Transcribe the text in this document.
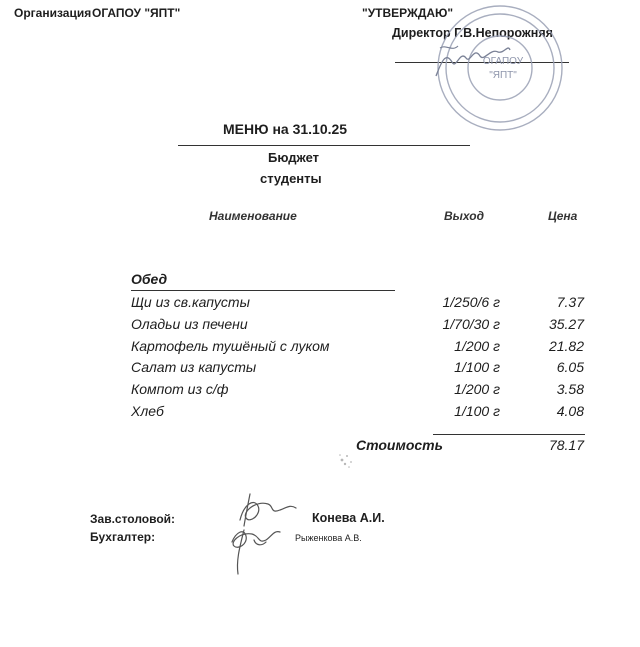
Организация ОГАПОУ "ЯПТ"	"УТВЕРЖДАЮ"
Директор Г.В.Непорожняя
ОГАПОУ
"ЯПТ"
МЕНЮ на 31.10.25
Бюджет
студенты
Наименование	Выход	Цена
Обед
Щи из св.капусты	1/250/6 г	7.37
Оладьи из печени	1/70/30 г	35.27
Картофель тушёный с луком	1/200 г	21.82
Салат из капусты	1/100 г	6.05
Компот из с/ф	1/200 г	3.58
Хлеб	1/100 г	4.08
Стоимость	78.17
Зав.столовой:
Бухгалтер:
Конева А.И.
Рыженкова А.В.
